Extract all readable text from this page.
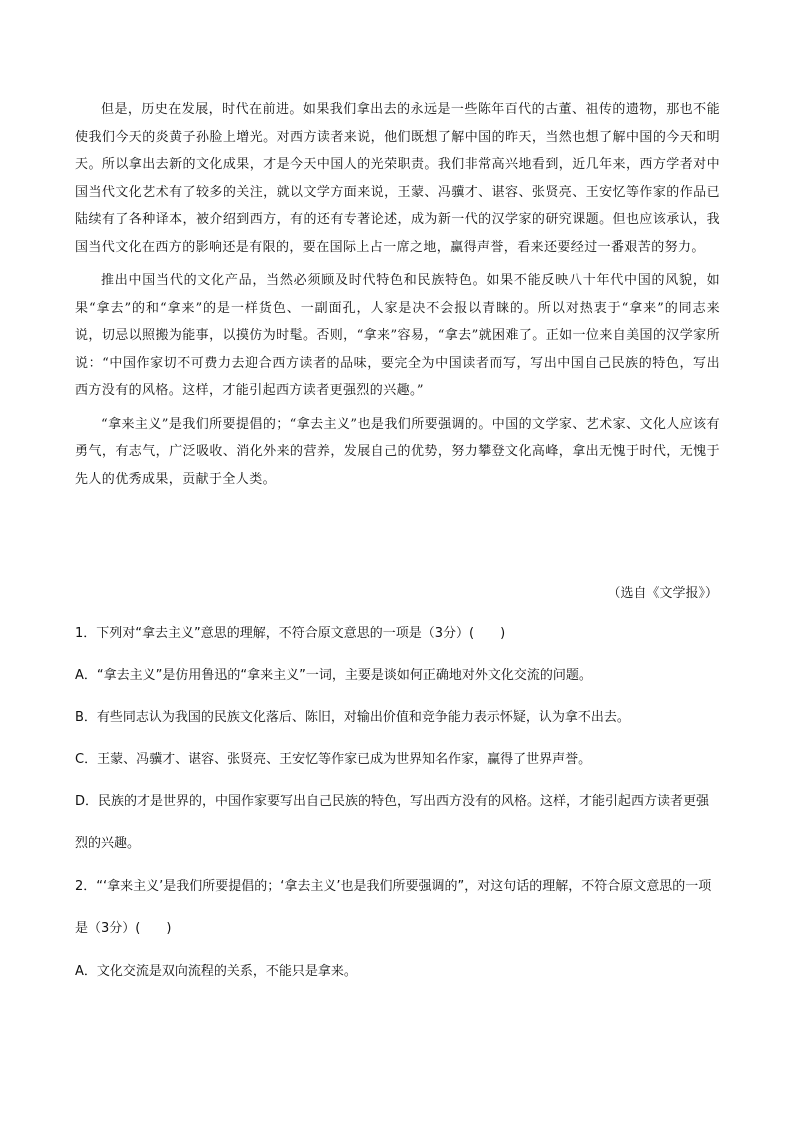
但是，历史在发展，时代在前进。如果我们拿出去的永远是一些陈年百代的古董、祖传的遗物，那也不能使我们今天的炎黄子孙脸上增光。对西方读者来说，他们既想了解中国的昨天，当然也想了解中国的今天和明天。所以拿出去新的文化成果，才是今天中国人的光荣职责。我们非常高兴地看到，近几年来，西方学者对中国当代文化艺术有了较多的关注，就以文学方面来说，王蒙、冯骥才、谌容、张贤亮、王安忆等作家的作品已陆续有了各种译本，被介绍到西方，有的还有专著论述，成为新一代的汉学家的研究课题。但也应该承认，我国当代文化在西方的影响还是有限的，要在国际上占一席之地，赢得声誉，看来还要经过一番艰苦的努力。

推出中国当代的文化产品，当然必须顾及时代特色和民族特色。如果不能反映八十年代中国的风貌，如果“拿去”的和“拿来”的是一样货色、一副面孔，人家是决不会报以青睐的。所以对热衷于“拿来”的同志来说，切忌以照搬为能事，以摸仿为时髦。否则，“拿来”容易，“拿去”就困难了。正如一位来自美国的汉学家所说：“中国作家切不可费力去迎合西方读者的品味，要完全为中国读者而写，写出中国自己民族的特色，写出西方没有的风格。这样，才能引起西方读者更强烈的兴趣。”

“拿来主义”是我们所要提倡的；“拿去主义”也是我们所要强调的。中国的文学家、艺术家、文化人应该有勇气，有志气，广泛吸收、消化外来的营养，发展自己的优势，努力攀登文化高峰，拿出无愧于时代，无愧于先人的优秀成果，贡献于全人类。

（选自《文学报》）
1．下列对“拿去主义”意思的理解，不符合原文意思的一项是（3分）(　　)
A．“拿去主义”是仿用鲁迅的“拿来主义”一词，主要是谈如何正确地对外文化交流的问题。
B．有些同志认为我国的民族文化落后、陈旧，对输出价值和竞争能力表示怀疑，认为拿不出去。
C．王蒙、冯骥才、谌容、张贤亮、王安忆等作家已成为世界知名作家，赢得了世界声誉。
D．民族的才是世界的，中国作家要写出自己民族的特色，写出西方没有的风格。这样，才能引起西方读者更强烈的兴趣。
2．“‘拿来主义’是我们所要提倡的；‘拿去主义’也是我们所要强调的”，对这句话的理解，不符合原文意思的一项是（3分）(　　)
A．文化交流是双向流程的关系，不能只是拿来。
